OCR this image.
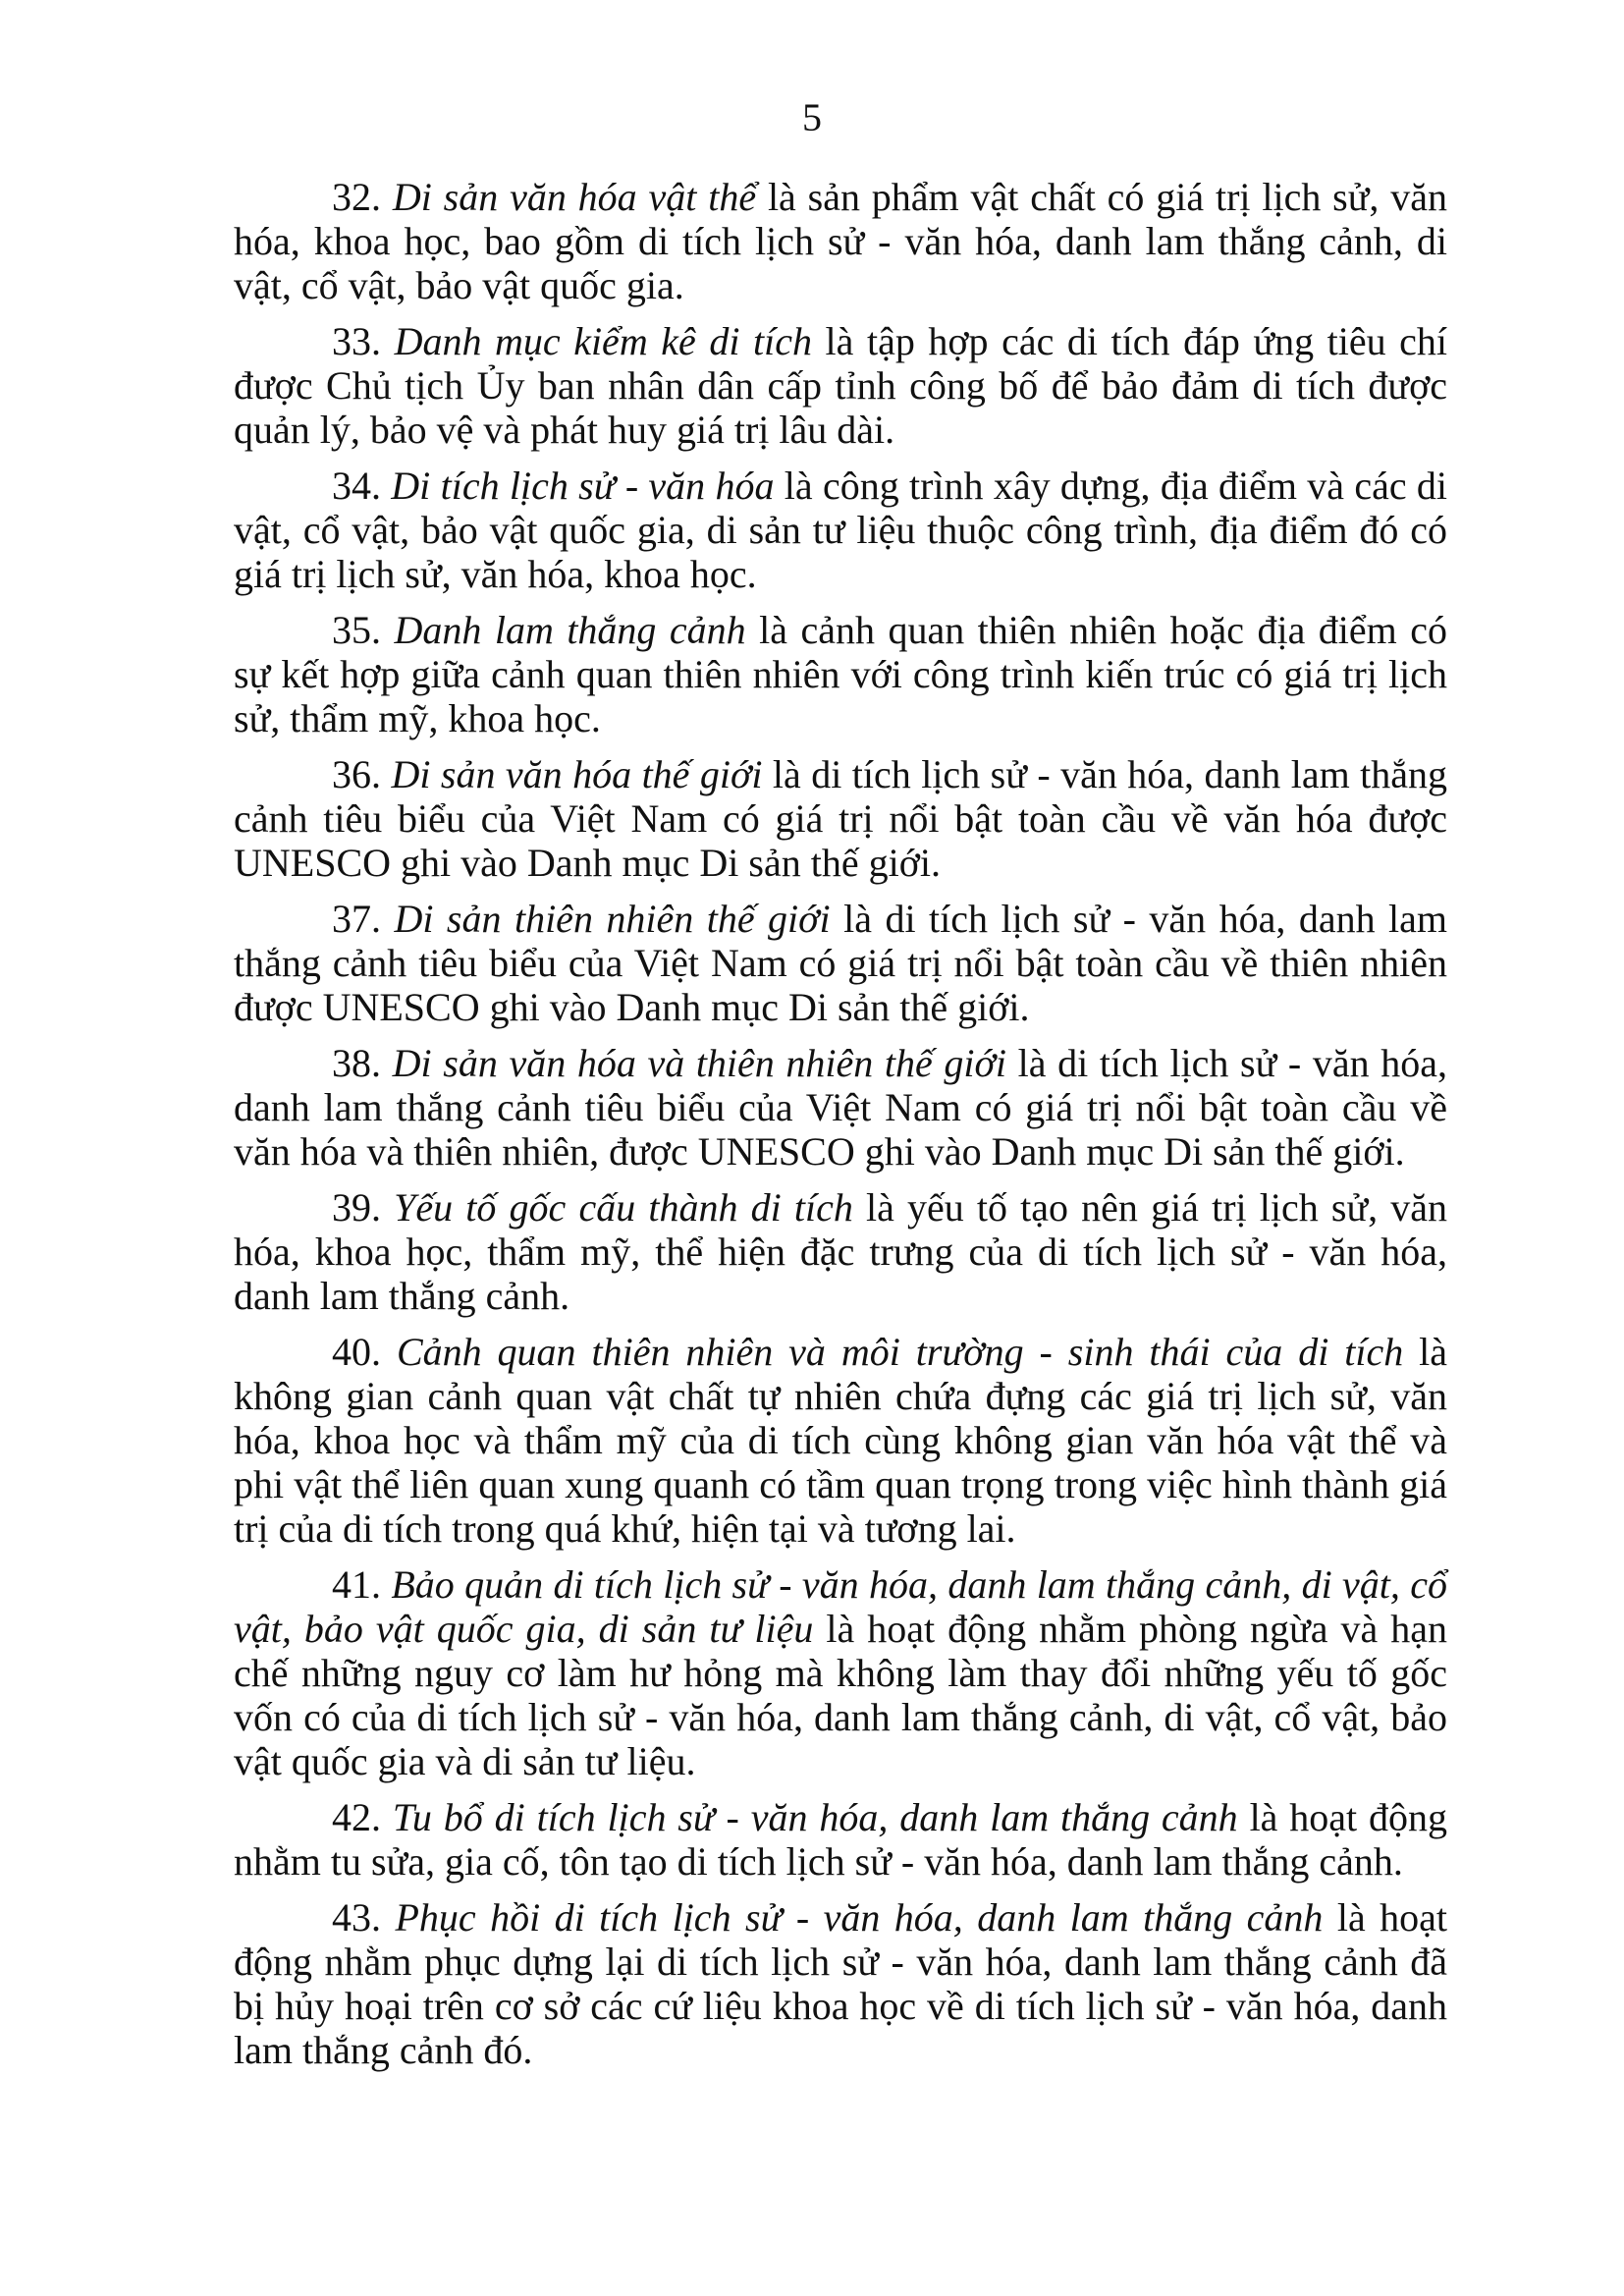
5

32. Di sản văn hóa vật thể là sản phẩm vật chất có giá trị lịch sử, văn hóa, khoa học, bao gồm di tích lịch sử - văn hóa, danh lam thắng cảnh, di vật, cổ vật, bảo vật quốc gia.

33. Danh mục kiểm kê di tích là tập hợp các di tích đáp ứng tiêu chí được Chủ tịch Ủy ban nhân dân cấp tỉnh công bố để bảo đảm di tích được quản lý, bảo vệ và phát huy giá trị lâu dài.

34. Di tích lịch sử - văn hóa là công trình xây dựng, địa điểm và các di vật, cổ vật, bảo vật quốc gia, di sản tư liệu thuộc công trình, địa điểm đó có giá trị lịch sử, văn hóa, khoa học.

35. Danh lam thắng cảnh là cảnh quan thiên nhiên hoặc địa điểm có sự kết hợp giữa cảnh quan thiên nhiên với công trình kiến trúc có giá trị lịch sử, thẩm mỹ, khoa học.

36. Di sản văn hóa thế giới là di tích lịch sử - văn hóa, danh lam thắng cảnh tiêu biểu của Việt Nam có giá trị nổi bật toàn cầu về văn hóa được UNESCO ghi vào Danh mục Di sản thế giới.

37. Di sản thiên nhiên thế giới là di tích lịch sử - văn hóa, danh lam thắng cảnh tiêu biểu của Việt Nam có giá trị nổi bật toàn cầu về thiên nhiên được UNESCO ghi vào Danh mục Di sản thế giới.

38. Di sản văn hóa và thiên nhiên thế giới là di tích lịch sử - văn hóa, danh lam thắng cảnh tiêu biểu của Việt Nam có giá trị nổi bật toàn cầu về văn hóa và thiên nhiên, được UNESCO ghi vào Danh mục Di sản thế giới.

39. Yếu tố gốc cấu thành di tích là yếu tố tạo nên giá trị lịch sử, văn hóa, khoa học, thẩm mỹ, thể hiện đặc trưng của di tích lịch sử - văn hóa, danh lam thắng cảnh.

40. Cảnh quan thiên nhiên và môi trường - sinh thái của di tích là không gian cảnh quan vật chất tự nhiên chứa đựng các giá trị lịch sử, văn hóa, khoa học và thẩm mỹ của di tích cùng không gian văn hóa vật thể và phi vật thể liên quan xung quanh có tầm quan trọng trong việc hình thành giá trị của di tích trong quá khứ, hiện tại và tương lai.

41. Bảo quản di tích lịch sử - văn hóa, danh lam thắng cảnh, di vật, cổ vật, bảo vật quốc gia, di sản tư liệu là hoạt động nhằm phòng ngừa và hạn chế những nguy cơ làm hư hỏng mà không làm thay đổi những yếu tố gốc vốn có của di tích lịch sử - văn hóa, danh lam thắng cảnh, di vật, cổ vật, bảo vật quốc gia và di sản tư liệu.

42. Tu bổ di tích lịch sử - văn hóa, danh lam thắng cảnh là hoạt động nhằm tu sửa, gia cố, tôn tạo di tích lịch sử - văn hóa, danh lam thắng cảnh.

43. Phục hồi di tích lịch sử - văn hóa, danh lam thắng cảnh là hoạt động nhằm phục dựng lại di tích lịch sử - văn hóa, danh lam thắng cảnh đã bị hủy hoại trên cơ sở các cứ liệu khoa học về di tích lịch sử - văn hóa, danh lam thắng cảnh đó.
